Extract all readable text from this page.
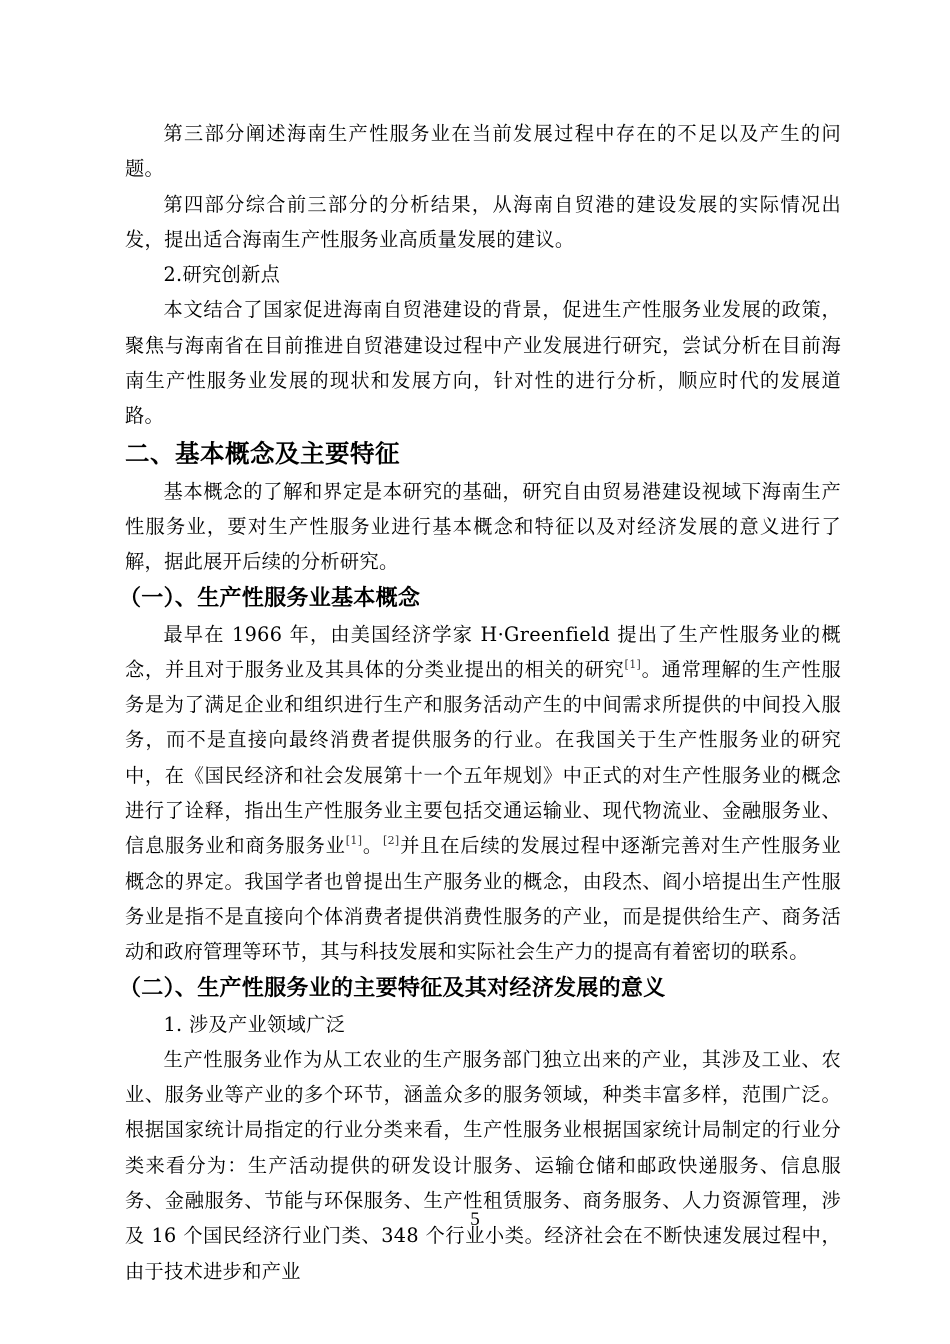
第三部分阐述海南生产性服务业在当前发展过程中存在的不足以及产生的问题。

第四部分综合前三部分的分析结果，从海南自贸港的建设发展的实际情况出发，提出适合海南生产性服务业高质量发展的建议。

2.研究创新点

本文结合了国家促进海南自贸港建设的背景，促进生产性服务业发展的政策，聚焦与海南省在目前推进自贸港建设过程中产业发展进行研究，尝试分析在目前海南生产性服务业发展的现状和发展方向，针对性的进行分析，顺应时代的发展道路。

二、基本概念及主要特征

基本概念的了解和界定是本研究的基础，研究自由贸易港建设视域下海南生产性服务业，要对生产性服务业进行基本概念和特征以及对经济发展的意义进行了解，据此展开后续的分析研究。

（一）、生产性服务业基本概念

最早在 1966 年，由美国经济学家 H·Greenfield 提出了生产性服务业的概念，并且对于服务业及其具体的分类业提出的相关的研究[1]。通常理解的生产性服务是为了满足企业和组织进行生产和服务活动产生的中间需求所提供的中间投入服务，而不是直接向最终消费者提供服务的行业。在我国关于生产性服务业的研究中，在《国民经济和社会发展第十一个五年规划》中正式的对生产性服务业的概念进行了诠释，指出生产性服务业主要包括交通运输业、现代物流业、金融服务业、信息服务业和商务服务业[1]。[2]并且在后续的发展过程中逐渐完善对生产性服务业概念的界定。我国学者也曾提出生产服务业的概念，由段杰、阎小培提出生产性服务业是指不是直接向个体消费者提供消费性服务的产业，而是提供给生产、商务活动和政府管理等环节，其与科技发展和实际社会生产力的提高有着密切的联系。

（二）、生产性服务业的主要特征及其对经济发展的意义

1. 涉及产业领域广泛

生产性服务业作为从工农业的生产服务部门独立出来的产业，其涉及工业、农业、服务业等产业的多个环节，涵盖众多的服务领域，种类丰富多样，范围广泛。根据国家统计局指定的行业分类来看，生产性服务业根据国家统计局制定的行业分类来看分为：生产活动提供的研发设计服务、运输仓储和邮政快递服务、信息服务、金融服务、节能与环保服务、生产性租赁服务、商务服务、人力资源管理，涉及 16 个国民经济行业门类、348 个行业小类。经济社会在不断快速发展过程中，由于技术进步和产业

5
